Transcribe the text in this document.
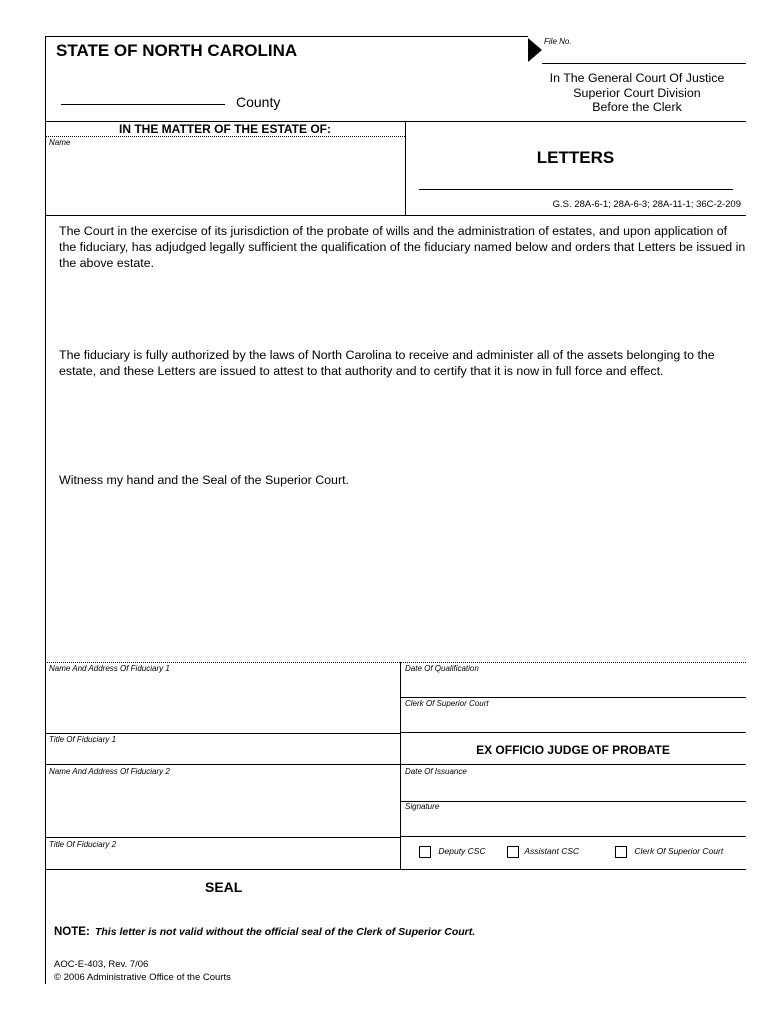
File No.
STATE OF NORTH CAROLINA
County
In The General Court Of Justice
Superior Court Division
Before the Clerk
IN THE MATTER OF THE ESTATE OF:
Name
LETTERS
G.S. 28A-6-1; 28A-6-3; 28A-11-1; 36C-2-209
The Court in the exercise of its jurisdiction of the probate of wills and the administration of estates, and upon application of the fiduciary, has adjudged legally sufficient the qualification of the fiduciary named below and orders that Letters be issued in the above estate.
The fiduciary is fully authorized by the laws of North Carolina to receive and administer all of the assets belonging to the estate, and these Letters are issued to attest to that authority and to certify that it is now in full force and effect.
Witness my hand and the Seal of the Superior Court.
Name And Address Of Fiduciary 1
Title Of Fiduciary 1
Name And Address Of Fiduciary 2
Title Of Fiduciary 2
Date Of Qualification
Clerk Of Superior Court
EX OFFICIO JUDGE OF PROBATE
Date Of Issuance
Signature
Deputy CSC	Assistant CSC	Clerk Of Superior Court
SEAL
NOTE: This letter is not valid without the official seal of the Clerk of Superior Court.
AOC-E-403, Rev. 7/06
© 2006 Administrative Office of the Courts
